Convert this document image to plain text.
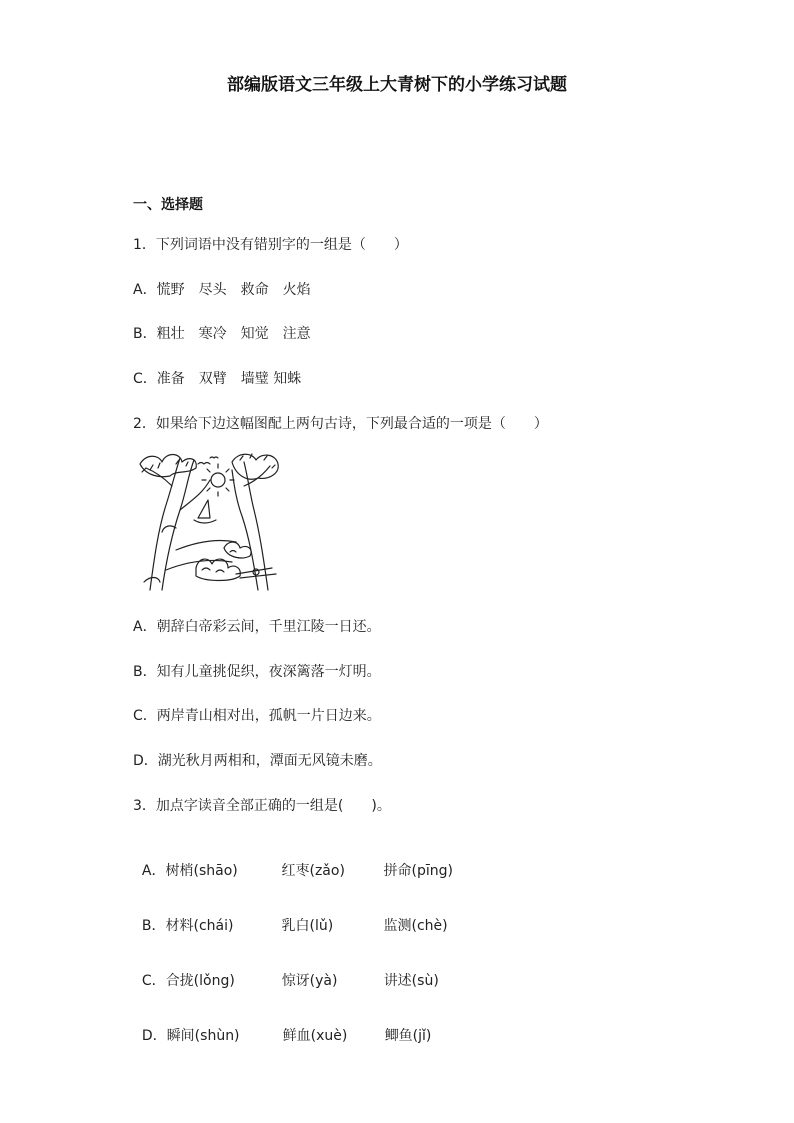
部编版语文三年级上大青树下的小学练习试题
一、选择题
1．下列词语中没有错别字的一组是（　　）
A．慌野　尽头　救命　火焰
B．粗壮　寒冷　知觉　注意
C．准备　双臂　墙璧 知蛛
2．如果给下边这幅图配上两句古诗，下列最合适的一项是（　　）
A．朝辞白帝彩云间，千里江陵一日还。
B．知有儿童挑促织，夜深篱落一灯明。
C．两岸青山相对出，孤帆一片日边来。
D．湖光秋月两相和，潭面无风镜未磨。
3．加点字读音全部正确的一组是(　　)。

A．树梢(shāo)	红枣(zǎo)	拼命(pīng)

B．材料(chái)	乳白(lǔ)	监测(chè)

C．合拢(lǒng)	惊讶(yà)	讲述(sù)

D．瞬间(shùn)	鲜血(xuè)	鲫鱼(jǐ)
